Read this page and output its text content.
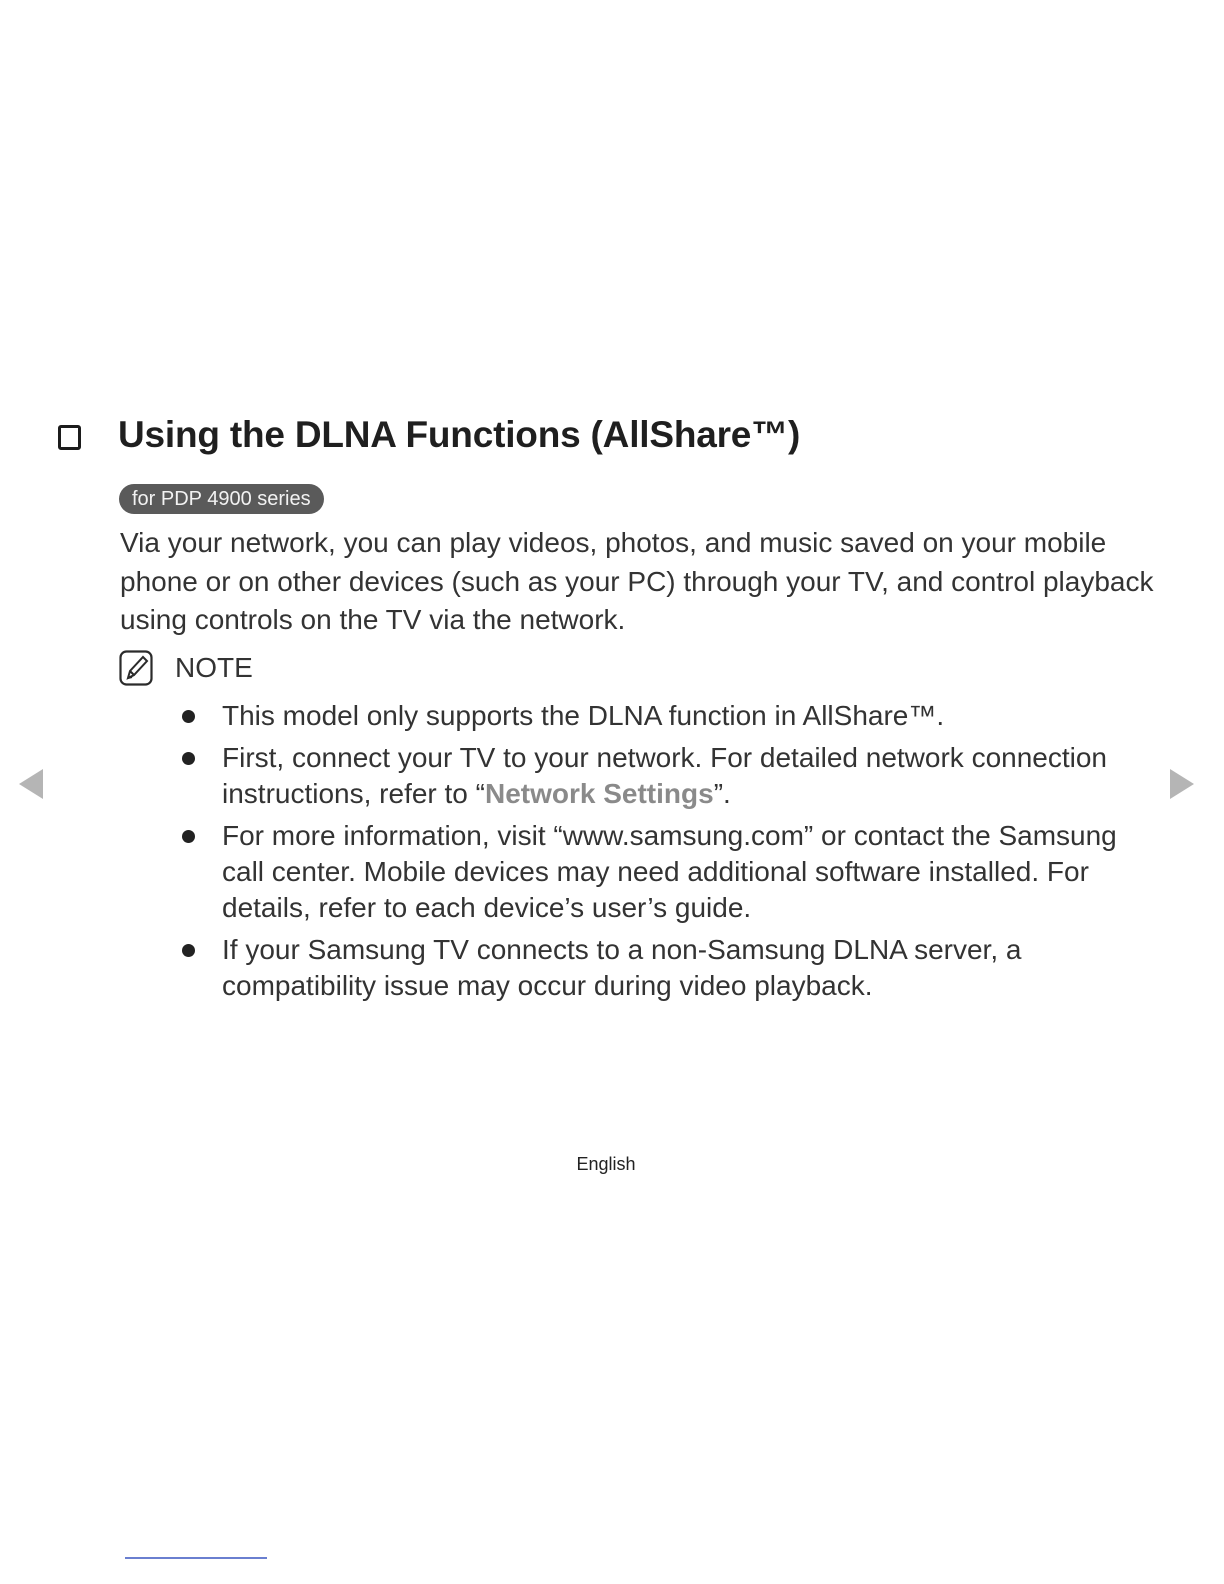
Using the DLNA Functions (AllShare™)
for PDP 4900 series

Via your network, you can play videos, photos, and music saved on your mobile phone or on other devices (such as your PC) through your TV, and control playback using controls on the TV via the network.

NOTE
This model only supports the DLNA function in AllShare™.
First, connect your TV to your network. For detailed network connection instructions, refer to “Network Settings”.
For more information, visit “www.samsung.com” or contact the Samsung call center. Mobile devices may need additional software installed. For details, refer to each device’s user’s guide.
If your Samsung TV connects to a non-Samsung DLNA server, a compatibility issue may occur during video playback.
English
